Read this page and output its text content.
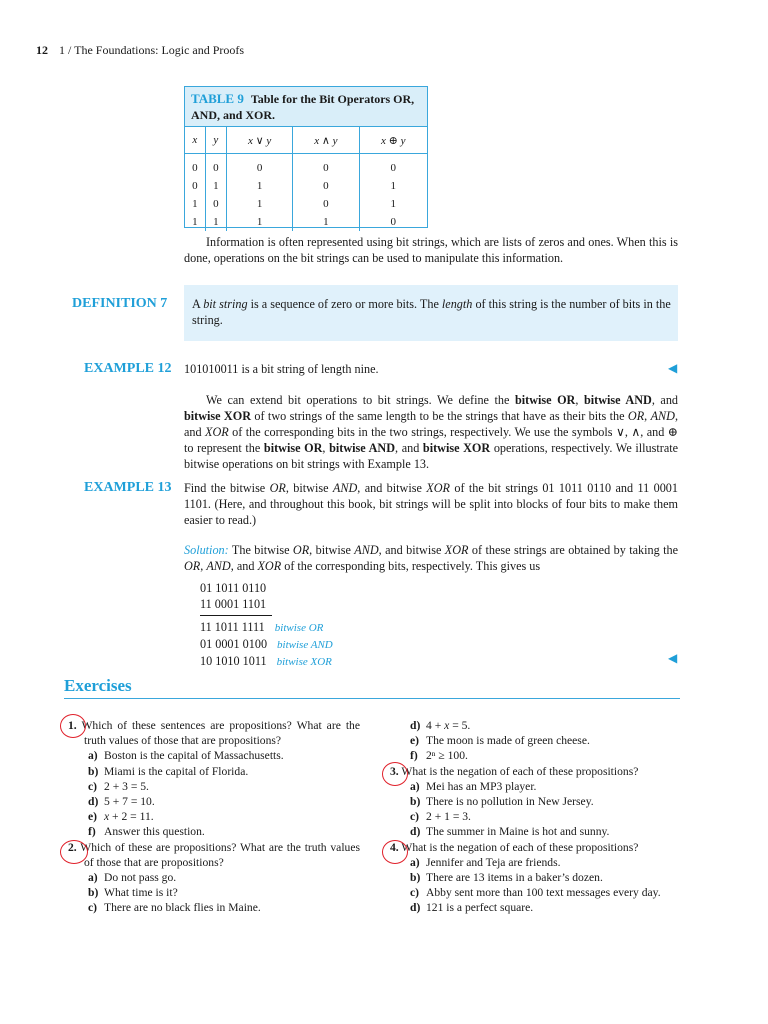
12 1 / The Foundations: Logic and Proofs
TABLE 9 Table for the Bit Operators OR, AND, and XOR.
x	y	x ∨ y	x ∧ y	x ⊕ y
0	0	0	0	0
0	1	1	0	1
1	0	1	0	1
1	1	1	1	0
Information is often represented using bit strings, which are lists of zeros and ones. When this is done, operations on the bit strings can be used to manipulate this information.
DEFINITION 7 A bit string is a sequence of zero or more bits. The length of this string is the number of bits in the string.
EXAMPLE 12 101010011 is a bit string of length nine.	◀
We can extend bit operations to bit strings. We define the bitwise OR, bitwise AND, and bitwise XOR of two strings of the same length to be the strings that have as their bits the OR, AND, and XOR of the corresponding bits in the two strings, respectively. We use the symbols ∨, ∧, and ⊕ to represent the bitwise OR, bitwise AND, and bitwise XOR operations, respectively. We illustrate bitwise operations on bit strings with Example 13.
EXAMPLE 13 Find the bitwise OR, bitwise AND, and bitwise XOR of the bit strings 01 1011 0110 and 11 0001 1101. (Here, and throughout this book, bit strings will be split into blocks of four bits to make them easier to read.)
Solution: The bitwise OR, bitwise AND, and bitwise XOR of these strings are obtained by taking the OR, AND, and XOR of the corresponding bits, respectively. This gives us
01 1011 0110
11 0001 1101
11 1011 1111 bitwise OR
01 0001 0100 bitwise AND
10 1010 1011 bitwise XOR	◀
Exercises
1. Which of these sentences are propositions? What are the truth values of those that are propositions?
a) Boston is the capital of Massachusetts.
b) Miami is the capital of Florida.
c) 2 + 3 = 5.
d) 5 + 7 = 10.
e) x + 2 = 11.
f) Answer this question.
2. Which of these are propositions? What are the truth values of those that are propositions?
a) Do not pass go.
b) What time is it?
c) There are no black flies in Maine.
d) 4 + x = 5.
e) The moon is made of green cheese.
f) 2ⁿ ≥ 100.
3. What is the negation of each of these propositions?
a) Mei has an MP3 player.
b) There is no pollution in New Jersey.
c) 2 + 1 = 3.
d) The summer in Maine is hot and sunny.
4. What is the negation of each of these propositions?
a) Jennifer and Teja are friends.
b) There are 13 items in a baker’s dozen.
c) Abby sent more than 100 text messages every day.
d) 121 is a perfect square.
